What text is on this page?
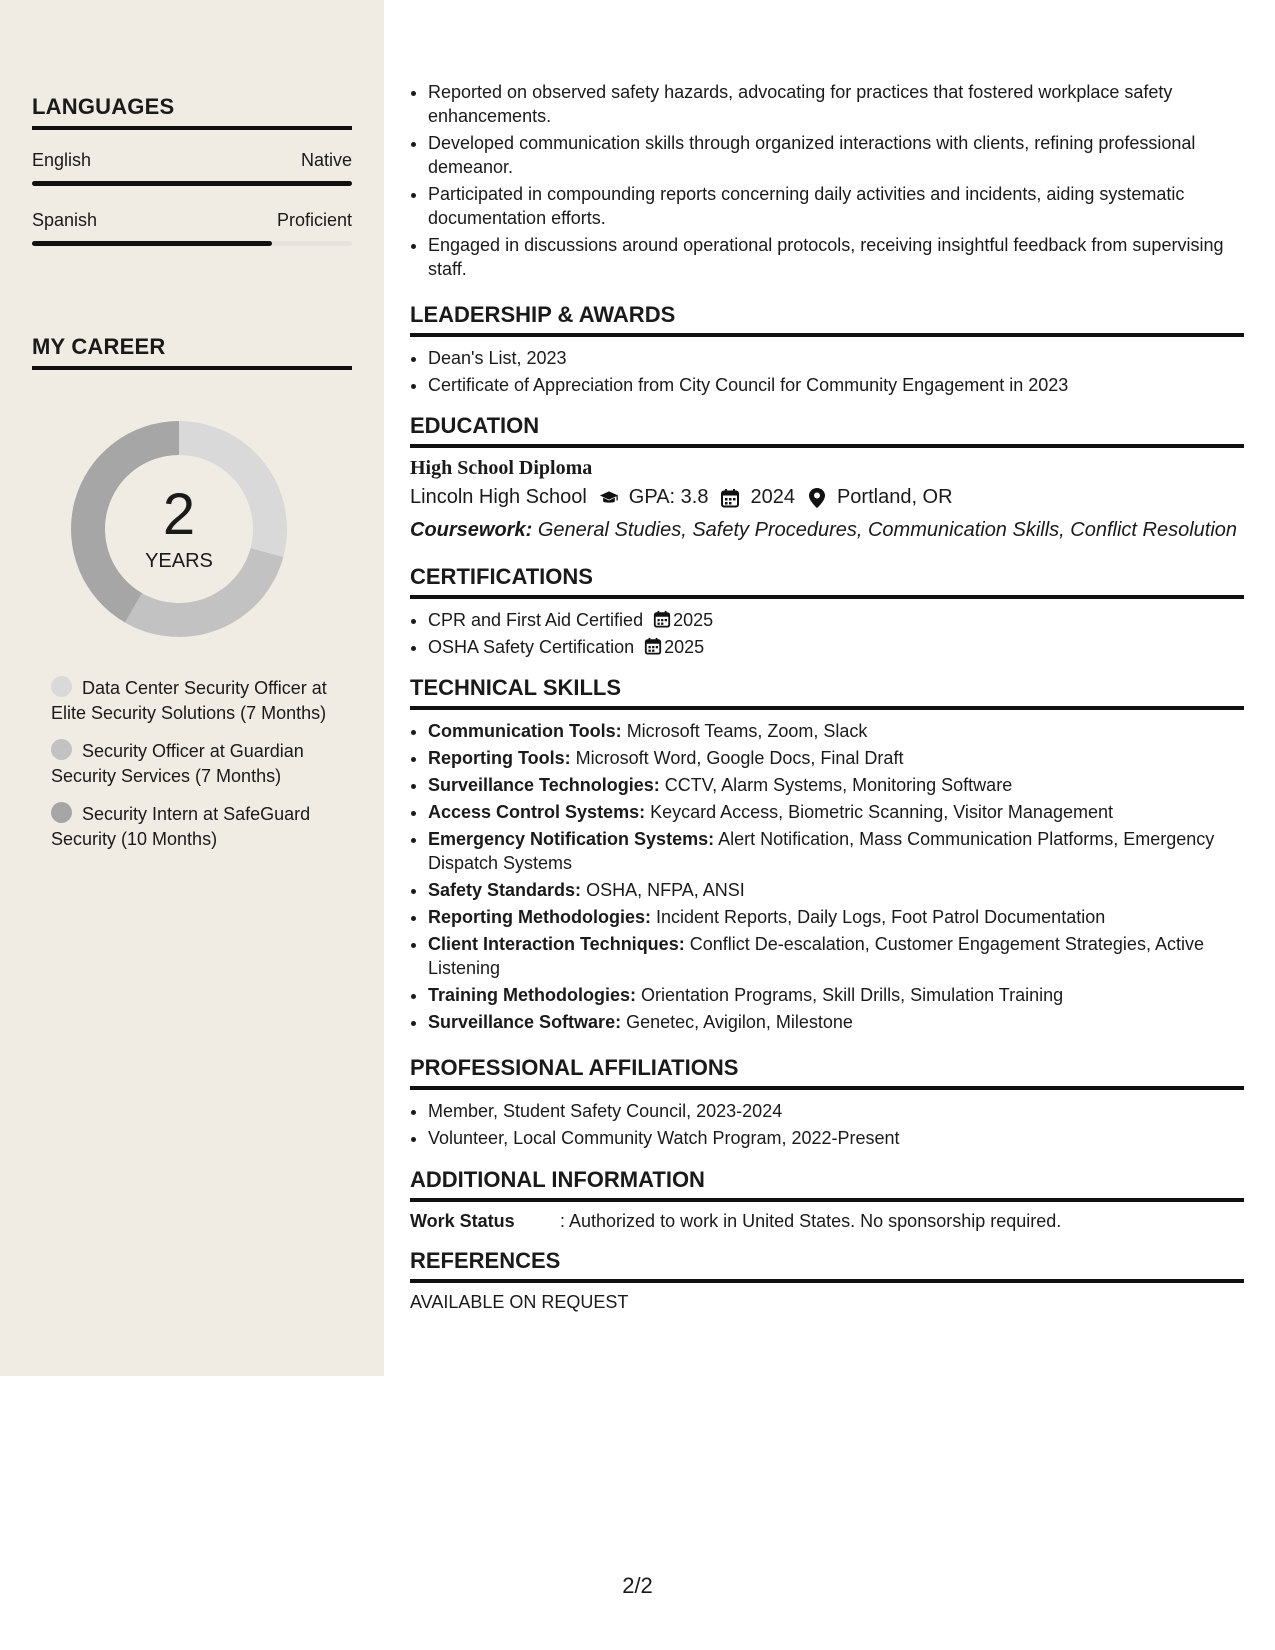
LANGUAGES
English	Native
Spanish	Proficient
MY CAREER
2
YEARS
Data Center Security Officer at Elite Security Solutions (7 Months)
Security Officer at Guardian Security Services (7 Months)
Security Intern at SafeGuard Security (10 Months)
• Reported on observed safety hazards, advocating for practices that fostered workplace safety enhancements.
• Developed communication skills through organized interactions with clients, refining professional demeanor.
• Participated in compounding reports concerning daily activities and incidents, aiding systematic documentation efforts.
• Engaged in discussions around operational protocols, receiving insightful feedback from supervising staff.
LEADERSHIP & AWARDS
• Dean's List, 2023
• Certificate of Appreciation from City Council for Community Engagement in 2023
EDUCATION
High School Diploma
Lincoln High School GPA: 3.8 2024 Portland, OR
Coursework: General Studies, Safety Procedures, Communication Skills, Conflict Resolution
CERTIFICATIONS
• CPR and First Aid Certified 2025
• OSHA Safety Certification 2025
TECHNICAL SKILLS
• Communication Tools: Microsoft Teams, Zoom, Slack
• Reporting Tools: Microsoft Word, Google Docs, Final Draft
• Surveillance Technologies: CCTV, Alarm Systems, Monitoring Software
• Access Control Systems: Keycard Access, Biometric Scanning, Visitor Management
• Emergency Notification Systems: Alert Notification, Mass Communication Platforms, Emergency Dispatch Systems
• Safety Standards: OSHA, NFPA, ANSI
• Reporting Methodologies: Incident Reports, Daily Logs, Foot Patrol Documentation
• Client Interaction Techniques: Conflict De-escalation, Customer Engagement Strategies, Active Listening
• Training Methodologies: Orientation Programs, Skill Drills, Simulation Training
• Surveillance Software: Genetec, Avigilon, Milestone
PROFESSIONAL AFFILIATIONS
• Member, Student Safety Council, 2023-2024
• Volunteer, Local Community Watch Program, 2022-Present
ADDITIONAL INFORMATION
Work Status	: Authorized to work in United States. No sponsorship required.
REFERENCES
AVAILABLE ON REQUEST
2/2
